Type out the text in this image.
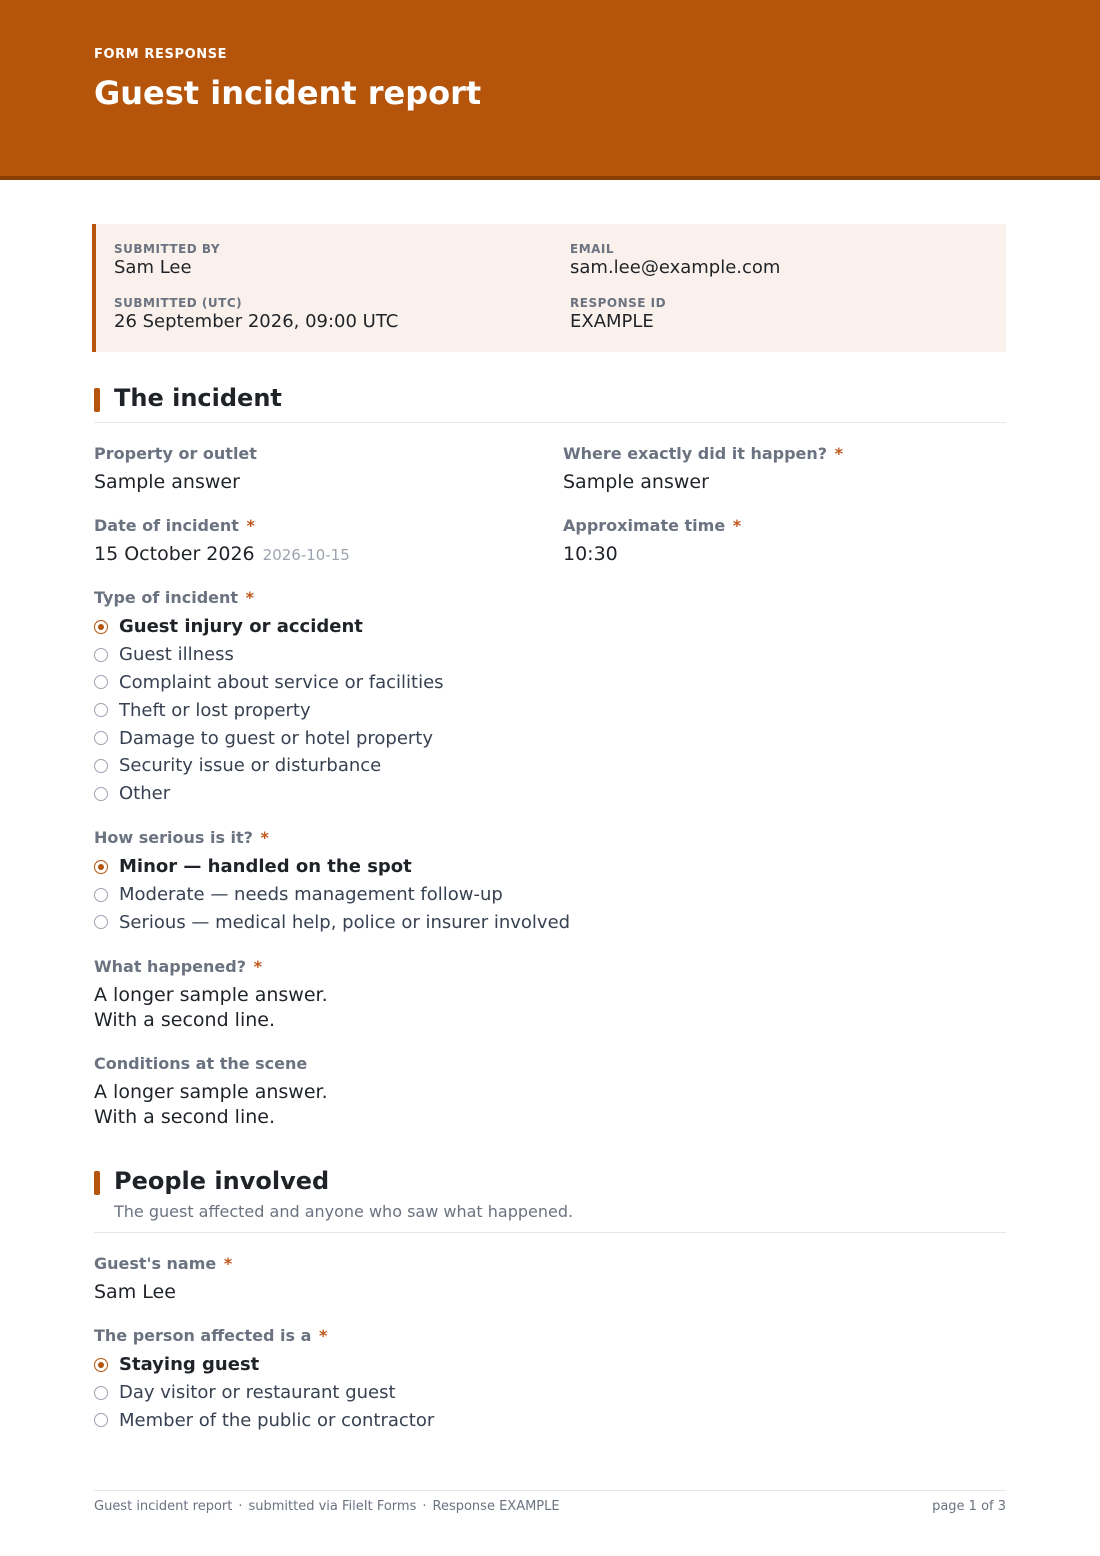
FORM RESPONSE
Guest incident report
SUBMITTED BY
Sam Lee
EMAIL
sam.lee@example.com
SUBMITTED (UTC)
26 September 2026, 09:00 UTC
RESPONSE ID
EXAMPLE
The incident
Property or outlet
Sample answer
Where exactly did it happen? *
Sample answer
Date of incident *
15 October 2026 2026-10-15
Approximate time *
10:30
Type of incident *
Guest injury or accident
Guest illness
Complaint about service or facilities
Theft or lost property
Damage to guest or hotel property
Security issue or disturbance
Other
How serious is it? *
Minor — handled on the spot
Moderate — needs management follow-up
Serious — medical help, police or insurer involved
What happened? *
A longer sample answer.
With a second line.
Conditions at the scene
A longer sample answer.
With a second line.
People involved
The guest affected and anyone who saw what happened.
Guest's name *
Sam Lee
The person affected is a *
Staying guest
Day visitor or restaurant guest
Member of the public or contractor
Guest incident report · submitted via FileIt Forms · Response EXAMPLE	page 1 of 3
